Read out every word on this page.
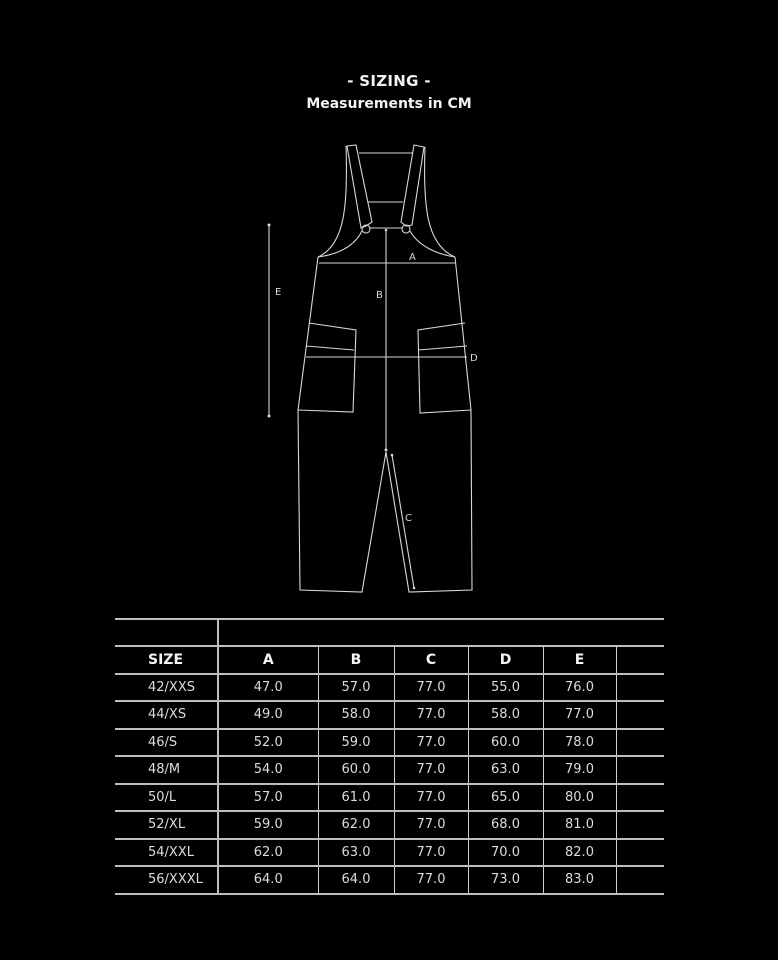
- SIZING -
Measurements in CM
A
B
C
D
E

SIZE	A	B	C	D	E	
42/XXS	47.0	57.0	77.0	55.0	76.0	
44/XS	49.0	58.0	77.0	58.0	77.0	
46/S	52.0	59.0	77.0	60.0	78.0	
48/M	54.0	60.0	77.0	63.0	79.0	
50/L	57.0	61.0	77.0	65.0	80.0	
52/XL	59.0	62.0	77.0	68.0	81.0	
54/XXL	62.0	63.0	77.0	70.0	82.0	
56/XXXL	64.0	64.0	77.0	73.0	83.0	
